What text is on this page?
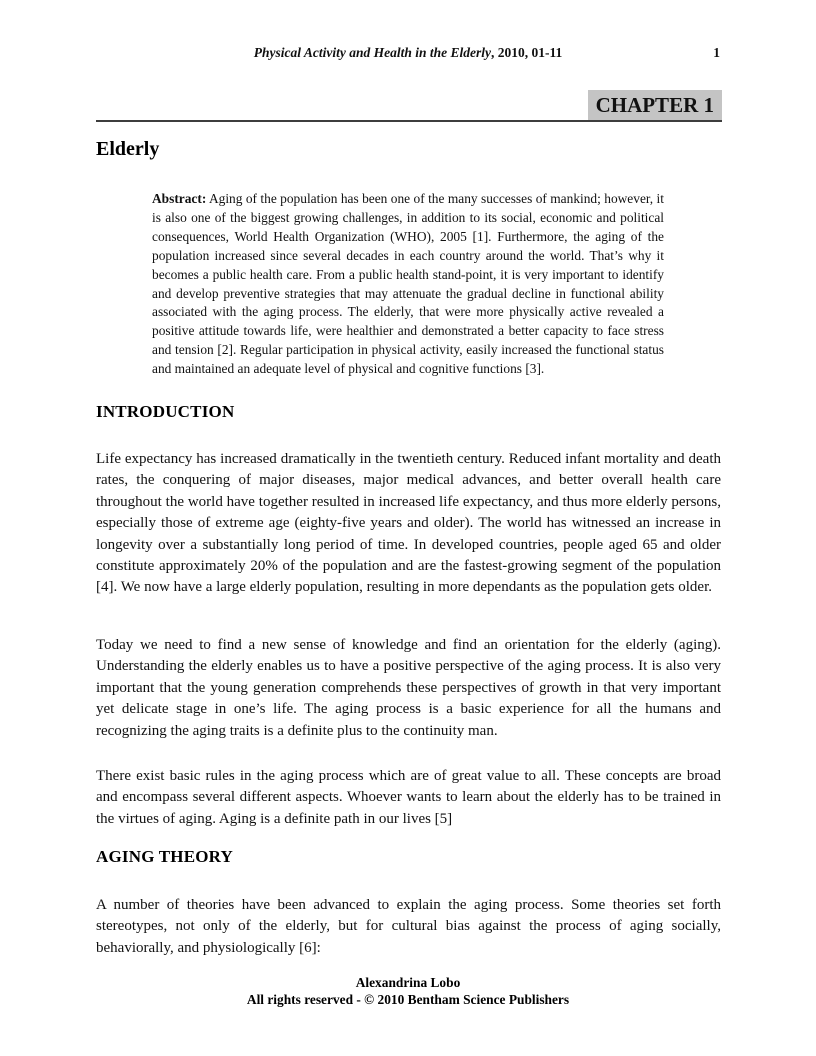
Physical Activity and Health in the Elderly, 2010, 01-11	1
CHAPTER 1
Elderly

Abstract: Aging of the population has been one of the many successes of mankind; however, it is also one of the biggest growing challenges, in addition to its social, economic and political consequences, World Health Organization (WHO), 2005 [1]. Furthermore, the aging of the population increased since several decades in each country around the world. That’s why it becomes a public health care. From a public health stand-point, it is very important to identify and develop preventive strategies that may attenuate the gradual decline in functional ability associated with the aging process. The elderly, that were more physically active revealed a positive attitude towards life, were healthier and demonstrated a better capacity to face stress and tension [2]. Regular participation in physical activity, easily increased the functional status and maintained an adequate level of physical and cognitive functions [3].

INTRODUCTION

Life expectancy has increased dramatically in the twentieth century. Reduced infant mortality and death rates, the conquering of major diseases, major medical advances, and better overall health care throughout the world have together resulted in increased life expectancy, and thus more elderly persons, especially those of extreme age (eighty-five years and older). The world has witnessed an increase in longevity over a substantially long period of time. In developed countries, people aged 65 and older constitute approximately 20% of the population and are the fastest-growing segment of the population [4]. We now have a large elderly population, resulting in more dependants as the population gets older.

Today we need to find a new sense of knowledge and find an orientation for the elderly (aging). Understanding the elderly enables us to have a positive perspective of the aging process. It is also very important that the young generation comprehends these perspectives of growth in that very important yet delicate stage in one’s life. The aging process is a basic experience for all the humans and recognizing the aging traits is a definite plus to the continuity man.

There exist basic rules in the aging process which are of great value to all. These concepts are broad and encompass several different aspects. Whoever wants to learn about the elderly has to be trained in the virtues of aging. Aging is a definite path in our lives [5]

AGING THEORY

A number of theories have been advanced to explain the aging process. Some theories set forth stereotypes, not only of the elderly, but for cultural bias against the process of aging socially, behaviorally, and physiologically [6]:

Alexandrina Lobo
All rights reserved - © 2010 Bentham Science Publishers
